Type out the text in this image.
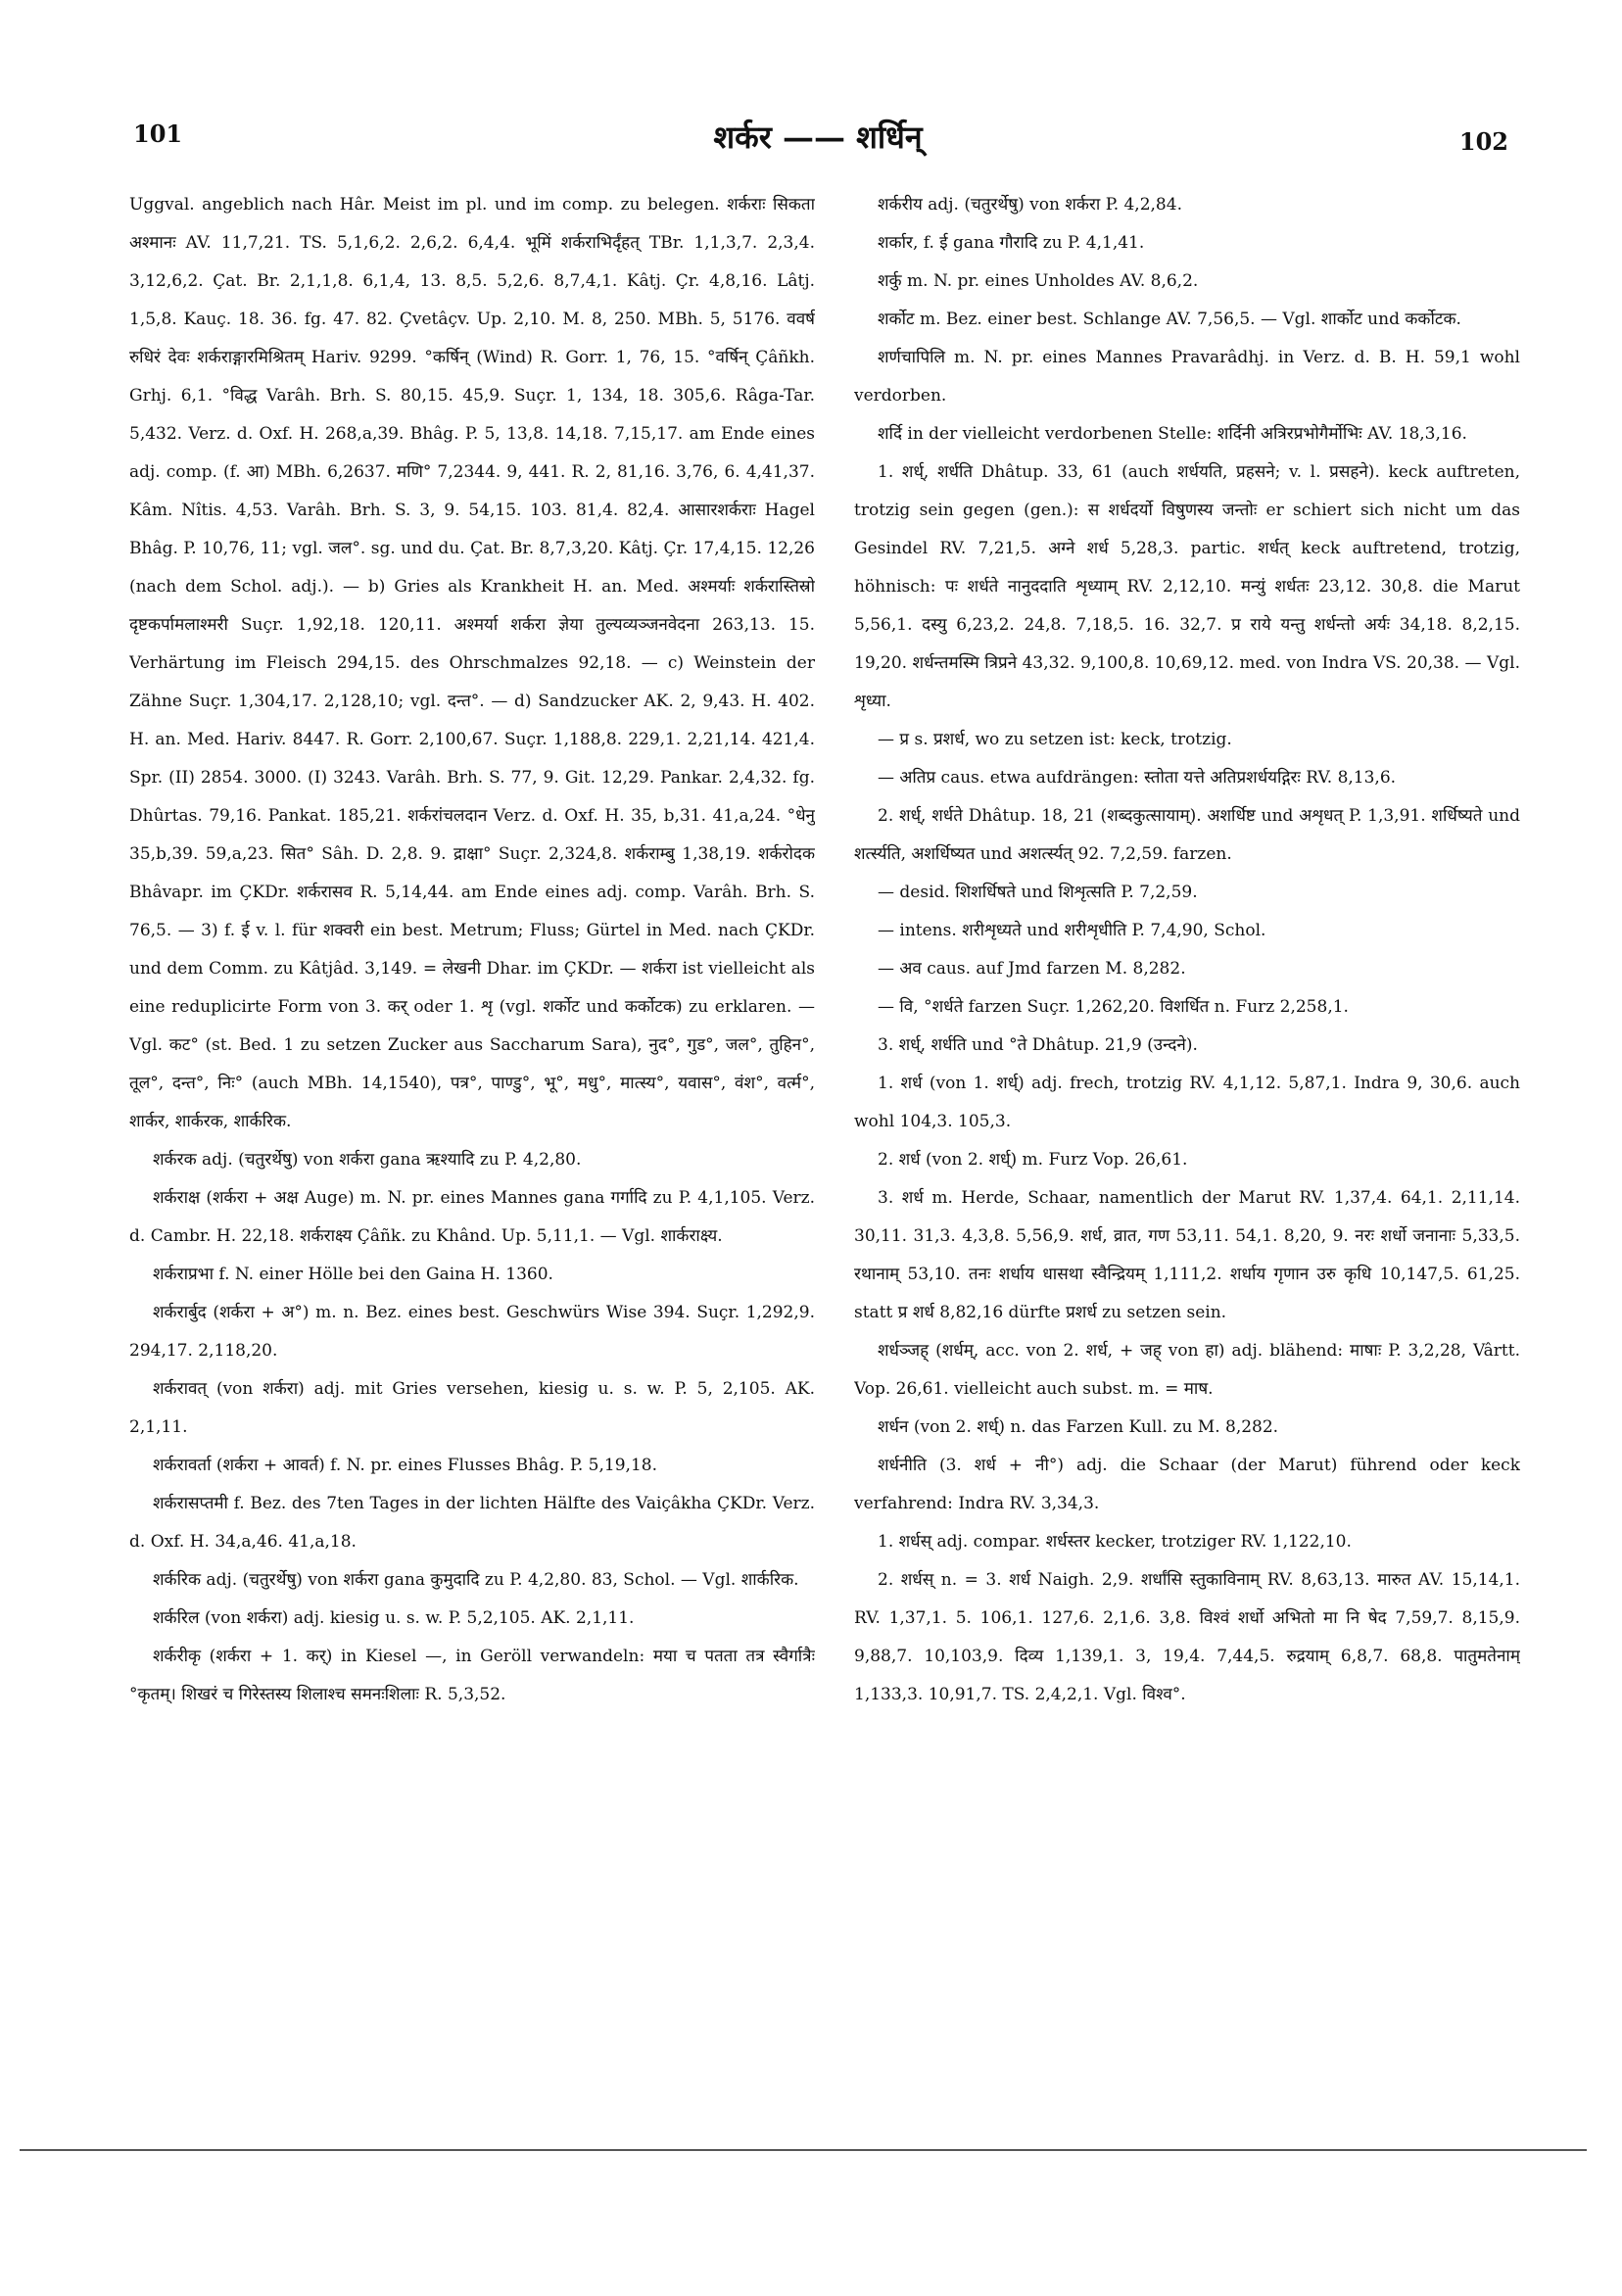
101	शर्कर —— शर्धिन्	102

Uggval. angeblich nach Hâr. Meist im pl. und im comp. zu belegen. शर्कराः सिकता अश्मानः AV. 11,7,21. TS. 5,1,6,2. 2,6,2. 6,4,4. भूमिं शर्कराभिर्दृंहत् TBr. 1,1,3,7. 2,3,4. 3,12,6,2. Çat. Br. 2,1,1,8. 6,1,4, 13. 8,5. 5,2,6. 8,7,4,1. Kâtj. Çr. 4,8,16. Lâtj. 1,5,8. Kauç. 18. 36. fg. 47. 82. Çvetâçv. Up. 2,10. M. 8, 250. MBh. 5, 5176. ववर्ष रुधिरं देवः शर्कराङ्गारमिश्रितम् Hariv. 9299. °कर्षिन् (Wind) R. Gorr. 1, 76, 15. °वर्षिन् Çâñkh. Grhj. 6,1. °विद्ध Varâh. Brh. S. 80,15. 45,9. Suçr. 1, 134, 18. 305,6. Râga-Tar. 5,432. Verz. d. Oxf. H. 268,a,39. Bhâg. P. 5, 13,8. 14,18. 7,15,17. am Ende eines adj. comp. (f. आ) MBh. 6,2637. मणि° 7,2344. 9, 441. R. 2, 81,16. 3,76, 6. 4,41,37. Kâm. Nîtis. 4,53. Varâh. Brh. S. 3, 9. 54,15. 103. 81,4. 82,4. आसारशर्कराः Hagel Bhâg. P. 10,76, 11; vgl. जल°. sg. und du. Çat. Br. 8,7,3,20. Kâtj. Çr. 17,4,15. 12,26 (nach dem Schol. adj.). — b) Gries als Krankheit H. an. Med. अश्मर्याः शर्करास्तिस्रो दृष्टकर्पामलाश्मरी Suçr. 1,92,18. 120,11. अश्मर्या शर्करा ज्ञेया तुल्यव्यञ्जनवेदना 263,13. 15. Verhärtung im Fleisch 294,15. des Ohrschmalzes 92,18. — c) Weinstein der Zähne Suçr. 1,304,17. 2,128,10; vgl. दन्त°. — d) Sandzucker AK. 2, 9,43. H. 402. H. an. Med. Hariv. 8447. R. Gorr. 2,100,67. Suçr. 1,188,8. 229,1. 2,21,14. 421,4. Spr. (II) 2854. 3000. (I) 3243. Varâh. Brh. S. 77, 9. Git. 12,29. Pankar. 2,4,32. fg. Dhûrtas. 79,16. Pankat. 185,21. शर्करांचलदान Verz. d. Oxf. H. 35, b,31. 41,a,24. °धेनु 35,b,39. 59,a,23. सित° Sâh. D. 2,8. 9. द्राक्षा° Suçr. 2,324,8. शर्कराम्बु 1,38,19. शर्करोदक Bhâvapr. im ÇKDr. शर्करासव R. 5,14,44. am Ende eines adj. comp. Varâh. Brh. S. 76,5. — 3) f. ई v. l. für शक्वरी ein best. Metrum; Fluss; Gürtel in Med. nach ÇKDr. und dem Comm. zu Kâtjâd. 3,149. = लेखनी Dhar. im ÇKDr. — शर्करा ist vielleicht als eine reduplicirte Form von 3. कर् oder 1. शृ (vgl. शर्कोट und कर्कोटक) zu erklaren. — Vgl. कट° (st. Bed. 1 zu setzen Zucker aus Saccharum Sara), नुद°, गुड°, जल°, तुहिन°, तूल°, दन्त°, निः° (auch MBh. 14,1540), पत्र°, पाण्डु°, भू°, मधु°, मात्स्य°, यवास°, वंश°, वर्त्म°, शार्कर, शार्करक, शार्करिक.

शर्करक adj. (चतुरर्थेषु) von शर्करा gana ऋश्यादि zu P. 4,2,80.

शर्कराक्ष (शर्करा + अक्ष Auge) m. N. pr. eines Mannes gana गर्गादि zu P. 4,1,105. Verz. d. Cambr. H. 22,18. शर्कराक्ष्य Çâñk. zu Khând. Up. 5,11,1. — Vgl. शार्कराक्ष्य.

शर्कराप्रभा f. N. einer Hölle bei den Gaina H. 1360.

शर्करार्बुद (शर्करा + अ°) m. n. Bez. eines best. Geschwürs Wise 394. Suçr. 1,292,9. 294,17. 2,118,20.

शर्करावत् (von शर्करा) adj. mit Gries versehen, kiesig u. s. w. P. 5, 2,105. AK. 2,1,11.

शर्करावर्ता (शर्करा + आवर्त) f. N. pr. eines Flusses Bhâg. P. 5,19,18.

शर्करासप्तमी f. Bez. des 7ten Tages in der lichten Hälfte des Vaiçâkha ÇKDr. Verz. d. Oxf. H. 34,a,46. 41,a,18.

शर्करिक adj. (चतुरर्थेषु) von शर्करा gana कुमुदादि zu P. 4,2,80. 83, Schol. — Vgl. शार्करिक.

शर्करिल (von शर्करा) adj. kiesig u. s. w. P. 5,2,105. AK. 2,1,11.

शर्करीकृ (शर्करा + 1. कर्) in Kiesel —, in Geröll verwandeln: मया च पतता तत्र स्वैर्गात्रैः °कृतम्। शिखरं च गिरेस्तस्य शिलाश्च समनःशिलाः R. 5,3,52.

शर्करीय adj. (चतुरर्थेषु) von शर्करा P. 4,2,84.

शर्कार, f. ई gana गौरादि zu P. 4,1,41.

शर्कु m. N. pr. eines Unholdes AV. 8,6,2.

शर्कोट m. Bez. einer best. Schlange AV. 7,56,5. — Vgl. शार्कोट und कर्कोटक.

शर्णचापिलि m. N. pr. eines Mannes Pravarâdhj. in Verz. d. B. H. 59,1 wohl verdorben.

शर्दि in der vielleicht verdorbenen Stelle: शर्दिनी अत्रिरप्रभोगैर्मोभिः AV. 18,3,16.

1. शर्ध्, शर्धति Dhâtup. 33, 61 (auch शर्धयति, प्रहसने; v. l. प्रसहने). keck auftreten, trotzig sein gegen (gen.): स शर्धदर्यो विषुणस्य जन्तोः er schiert sich nicht um das Gesindel RV. 7,21,5. अग्ने शर्ध 5,28,3. partic. शर्धत् keck auftretend, trotzig, höhnisch: पः शर्धते नानुददाति शृध्याम् RV. 2,12,10. मन्युं शर्धतः 23,12. 30,8. die Marut 5,56,1. दस्यु 6,23,2. 24,8. 7,18,5. 16. 32,7. प्र राये यन्तु शर्धन्तो अर्यः 34,18. 8,2,15. 19,20. शर्धन्तमस्मि त्रिप्रने 43,32. 9,100,8. 10,69,12. med. von Indra VS. 20,38. — Vgl. शृध्या.

— प्र s. प्रशर्ध, wo zu setzen ist: keck, trotzig.

— अतिप्र caus. etwa aufdrängen: स्तोता यत्ते अतिप्रशर्धयद्गिरः RV. 8,13,6.

2. शर्ध्, शर्धते Dhâtup. 18, 21 (शब्दकुत्सायाम्). अशर्धिष्ट und अशृधत् P. 1,3,91. शर्धिष्यते und शर्त्स्यति, अशर्धिष्यत und अशर्त्स्यत् 92. 7,2,59. farzen.

— desid. शिशर्धिषते und शिशृत्सति P. 7,2,59.

— intens. शरीशृध्यते und शरीशृधीति P. 7,4,90, Schol.

— अव caus. auf Jmd farzen M. 8,282.

— वि, °शर्धते farzen Suçr. 1,262,20. विशर्धित n. Furz 2,258,1.

3. शर्ध्, शर्धति und °ते Dhâtup. 21,9 (उन्दने).

1. शर्ध (von 1. शर्ध्) adj. frech, trotzig RV. 4,1,12. 5,87,1. Indra 9, 30,6. auch wohl 104,3. 105,3.

2. शर्ध (von 2. शर्ध्) m. Furz Vop. 26,61.

3. शर्ध m. Herde, Schaar, namentlich der Marut RV. 1,37,4. 64,1. 2,11,14. 30,11. 31,3. 4,3,8. 5,56,9. शर्ध, व्रात, गण 53,11. 54,1. 8,20, 9. नरः शर्धो जनानाः 5,33,5. रथानाम् 53,10. तनः शर्धाय धासथा स्वैन्द्रियम् 1,111,2. शर्धाय गृणान उरु कृधि 10,147,5. 61,25. statt प्र शर्ध 8,82,16 dürfte प्रशर्ध zu setzen sein.

शर्धञ्जह् (शर्धम्, acc. von 2. शर्ध, + जह् von हा) adj. blähend: माषाः P. 3,2,28, Vârtt. Vop. 26,61. vielleicht auch subst. m. = माष.

शर्धन (von 2. शर्ध्) n. das Farzen Kull. zu M. 8,282.

शर्धनीति (3. शर्ध + नी°) adj. die Schaar (der Marut) führend oder keck verfahrend: Indra RV. 3,34,3.

1. शर्धस् adj. compar. शर्धस्तर kecker, trotziger RV. 1,122,10.

2. शर्धस् n. = 3. शर्ध Naigh. 2,9. शर्धांसि स्तुकाविनाम् RV. 8,63,13. मारुत AV. 15,14,1. RV. 1,37,1. 5. 106,1. 127,6. 2,1,6. 3,8. विश्वं शर्धो अभितो मा नि षेद 7,59,7. 8,15,9. 9,88,7. 10,103,9. दिव्य 1,139,1. 3, 19,4. 7,44,5. रुद्रयाम् 6,8,7. 68,8. पातुमतेनाम् 1,133,3. 10,91,7. TS. 2,4,2,1. Vgl. विश्व°.
